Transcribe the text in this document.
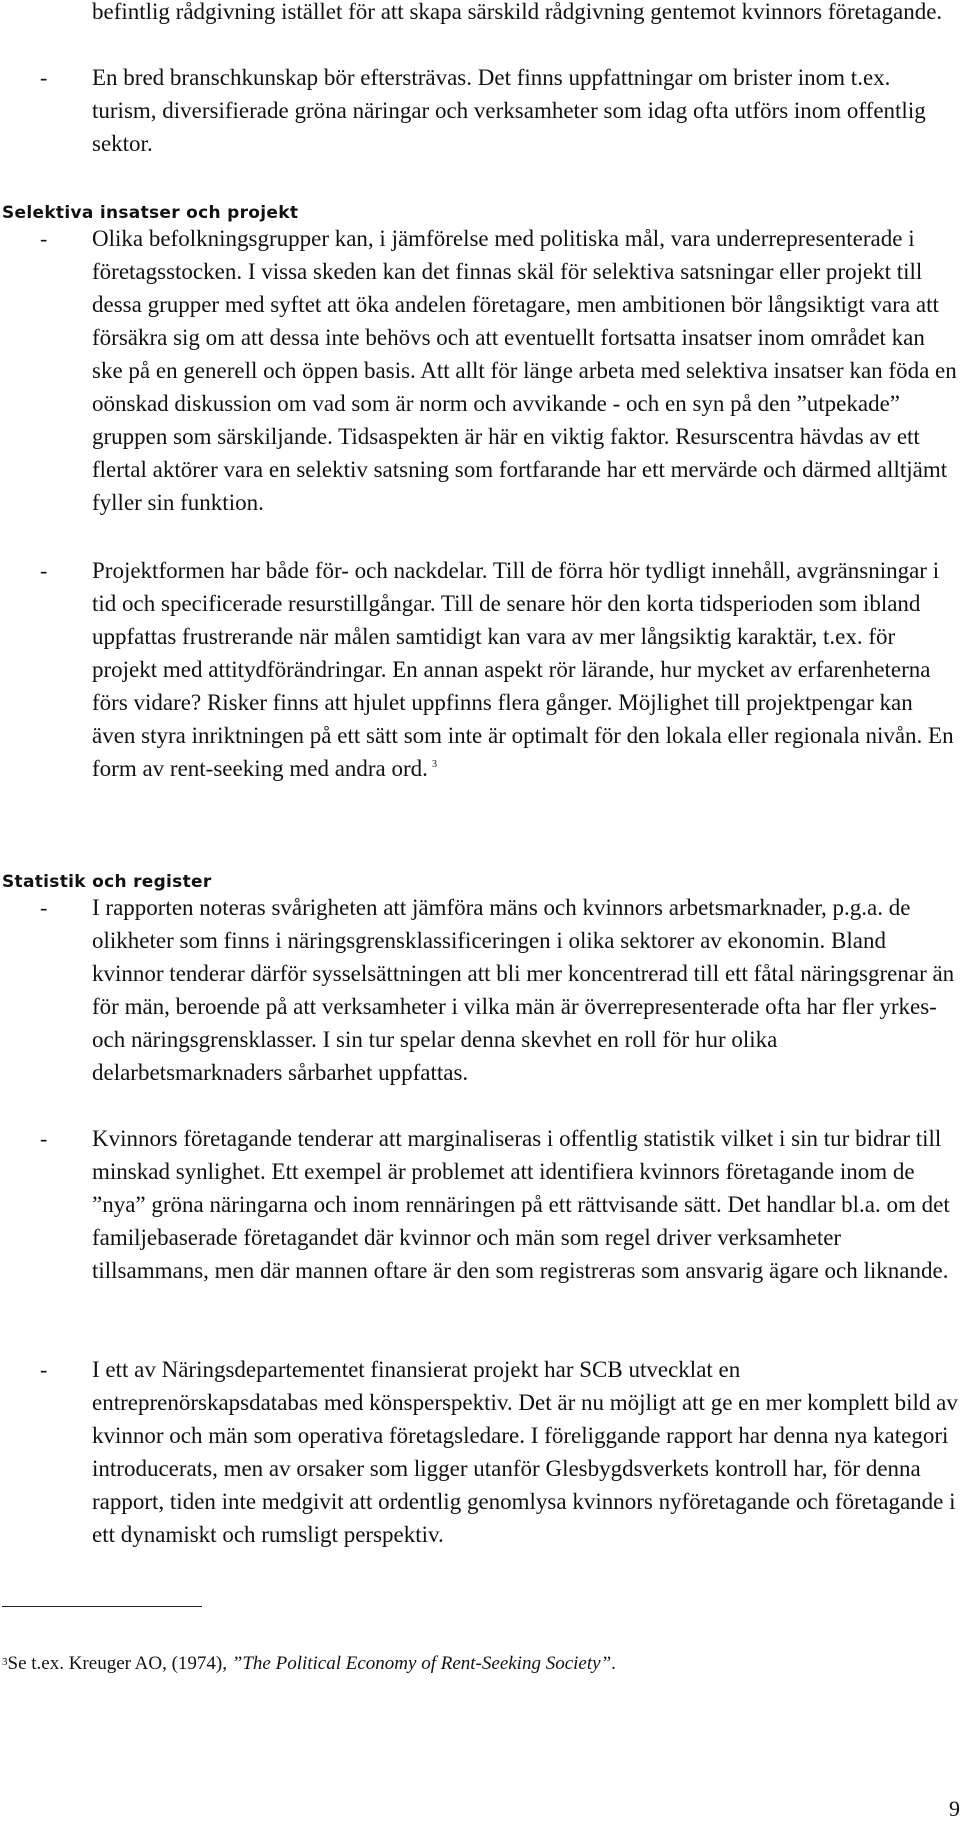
befintlig rådgivning istället för att skapa särskild rådgivning gentemot kvinnors företagande.
- En bred branschkunskap bör eftersträvas. Det finns uppfattningar om brister inom t.ex. turism, diversifierade gröna näringar och verksamheter som idag ofta utförs inom offentlig sektor.
Selektiva insatser och projekt
- Olika befolkningsgrupper kan, i jämförelse med politiska mål, vara underrepresenterade i företagsstocken. I vissa skeden kan det finnas skäl för selektiva satsningar eller projekt till dessa grupper med syftet att öka andelen företagare, men ambitionen bör långsiktigt vara att försäkra sig om att dessa inte behövs och att eventuellt fortsatta insatser inom området kan ske på en generell och öppen basis. Att allt för länge arbeta med selektiva insatser kan föda en oönskad diskussion om vad som är norm och avvikande - och en syn på den ”utpekade” gruppen som särskiljande. Tidsaspekten är här en viktig faktor. Resurscentra hävdas av ett flertal aktörer vara en selektiv satsning som fortfarande har ett mervärde och därmed alltjämt fyller sin funktion.
- Projektformen har både för- och nackdelar. Till de förra hör tydligt innehåll, avgränsningar i tid och specificerade resurstillgångar. Till de senare hör den korta tidsperioden som ibland uppfattas frustrerande när målen samtidigt kan vara av mer långsiktig karaktär, t.ex. för projekt med attitydförändringar. En annan aspekt rör lärande, hur mycket av erfarenheterna förs vidare? Risker finns att hjulet uppfinns flera gånger. Möjlighet till projektpengar kan även styra inriktningen på ett sätt som inte är optimalt för den lokala eller regionala nivån. En form av rent-seeking med andra ord. $^3$
Statistik och register
- I rapporten noteras svårigheten att jämföra mäns och kvinnors arbetsmarknader, p.g.a. de olikheter som finns i näringsgrensklassificeringen i olika sektorer av ekonomin. Bland kvinnor tenderar därför sysselsättningen att bli mer koncentrerad till ett fåtal näringsgrenar än för män, beroende på att verksamheter i vilka män är överrepresenterade ofta har fler yrkes- och näringsgrensklasser. I sin tur spelar denna skevhet en roll för hur olika delarbetsmarknaders sårbarhet uppfattas.
- Kvinnors företagande tenderar att marginaliseras i offentlig statistik vilket i sin tur bidrar till minskad synlighet. Ett exempel är problemet att identifiera kvinnors företagande inom de ”nya” gröna näringarna och inom rennäringen på ett rättvisande sätt. Det handlar bl.a. om det familjebaserade företagandet där kvinnor och män som regel driver verksamheter tillsammans, men där mannen oftare är den som registreras som ansvarig ägare och liknande.
- I ett av Näringsdepartementet finansierat projekt har SCB utvecklat en entreprenörskapsdatabas med könsperspektiv. Det är nu möjligt att ge en mer komplett bild av kvinnor och män som operativa företagsledare. I föreliggande rapport har denna nya kategori introducerats, men av orsaker som ligger utanför Glesbygdsverkets kontroll har, för denna rapport, tiden inte medgivit att ordentlig genomlysa kvinnors nyföretagande och företagande i ett dynamiskt och rumsligt perspektiv.
$^3$Se t.ex. Kreuger AO, (1974), ”The Political Economy of Rent-Seeking Society”.
9
